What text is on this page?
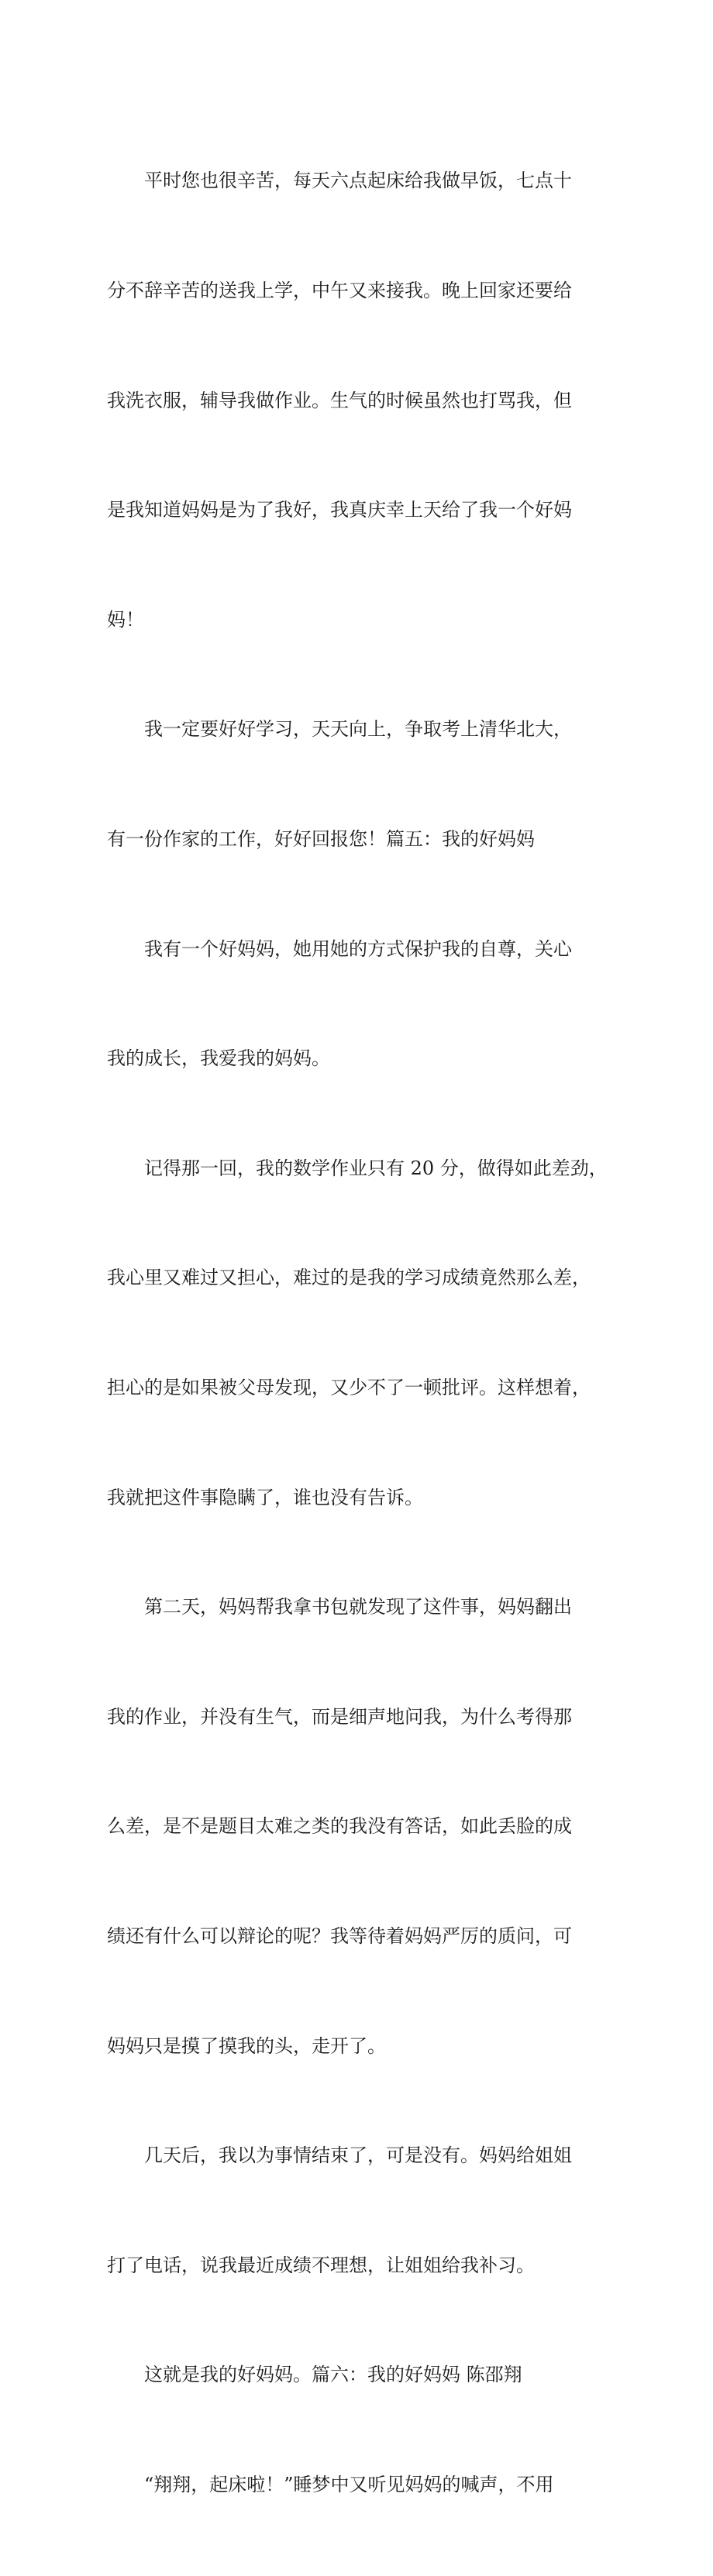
平时您也很辛苦，每天六点起床给我做早饭，七点十

分不辞辛苦的送我上学，中午又来接我。晚上回家还要给

我洗衣服，辅导我做作业。生气的时候虽然也打骂我，但

是我知道妈妈是为了我好，我真庆幸上天给了我一个好妈

妈！

我一定要好好学习，天天向上，争取考上清华北大，

有一份作家的工作，好好回报您！篇五：我的好妈妈

我有一个好妈妈，她用她的方式保护我的自尊，关心

我的成长，我爱我的妈妈。

记得那一回，我的数学作业只有 20 分，做得如此差劲，

我心里又难过又担心，难过的是我的学习成绩竟然那么差，

担心的是如果被父母发现，又少不了一顿批评。这样想着，

我就把这件事隐瞒了，谁也没有告诉。

第二天，妈妈帮我拿书包就发现了这件事，妈妈翻出

我的作业，并没有生气，而是细声地问我，为什么考得那

么差，是不是题目太难之类的我没有答话，如此丢脸的成

绩还有什么可以辩论的呢？我等待着妈妈严厉的质问，可

妈妈只是摸了摸我的头，走开了。

几天后，我以为事情结束了，可是没有。妈妈给姐姐

打了电话，说我最近成绩不理想，让姐姐给我补习。

这就是我的好妈妈。篇六：我的好妈妈 陈邵翔

“翔翔，起床啦！”睡梦中又听见妈妈的喊声，不用
